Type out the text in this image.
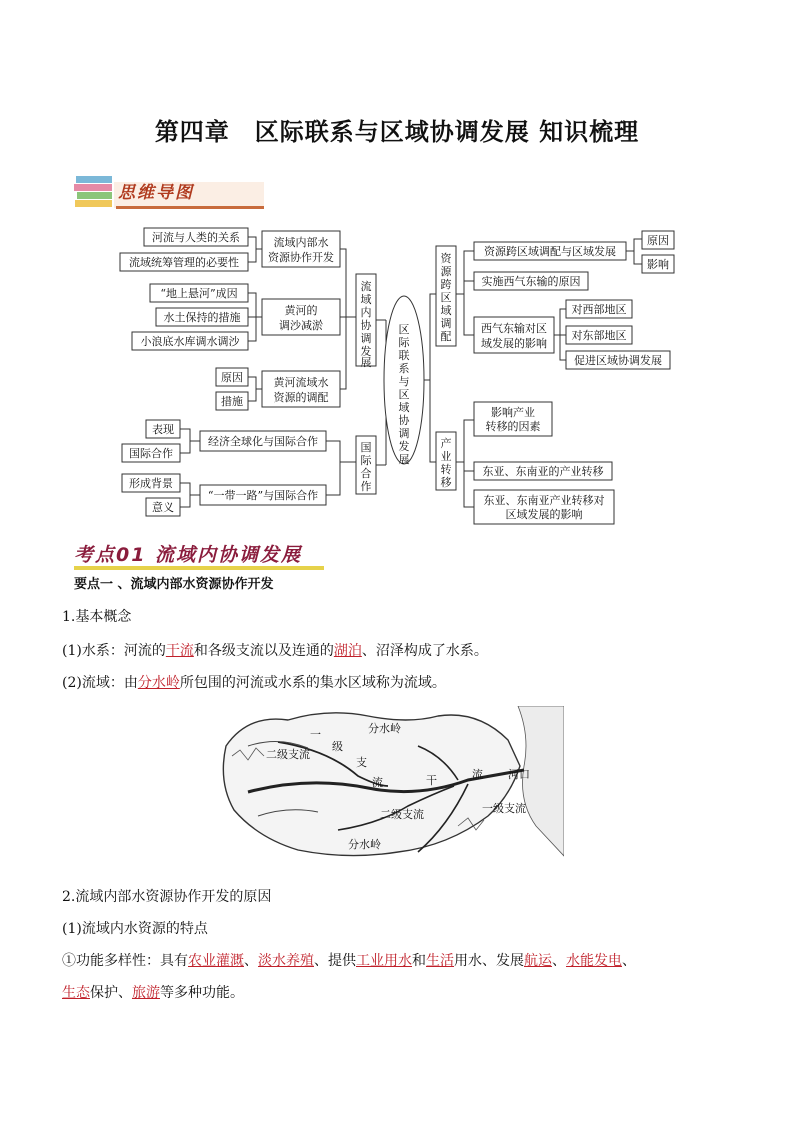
第四章　区际联系与区域协调发展 知识梳理
思维导图
河流与人类的关系
流域统筹管理的必要性
“地上悬河”成因
水土保持的措施
小浪底水库调水调沙
原因
措施
表现
国际合作
形成背景
意义
流域内部水
资源协作开发
黄河的
调沙减淤
黄河流域水
资源的调配
经济全球化与国际合作
“一带一路”与国际合作
流
域
内
协
调
发
展
国
际
合
作
区
际
联
系
与
区
域
协
调
发
展
资
源
跨
区
域
调
配
产
业
转
移
资源跨区域调配与区域发展
实施西气东输的原因
西气东输对区
域发展的影响
影响产业
转移的因素
东亚、东南亚的产业转移
东亚、东南亚产业转移对
区域发展的影响
原因
影响
对西部地区
对东部地区
促进区域协调发展
考点01 流域内协调发展
要点一 、流域内部水资源协作开发
1.基本概念
(1)水系：河流的干流和各级支流以及连通的湖泊、沼泽构成了水系。
(2)流域：由分水岭所包围的河流或水系的集水区域称为流域。
分水岭
二级支流
一
级
支
流	干	流 河口
二级支流	一级支流
分水岭
2.流域内部水资源协作开发的原因
(1)流域内水资源的特点
①功能多样性：具有农业灌溉、淡水养殖、提供工业用水和生活用水、发展航运、水能发电、
生态保护、旅游等多种功能。
